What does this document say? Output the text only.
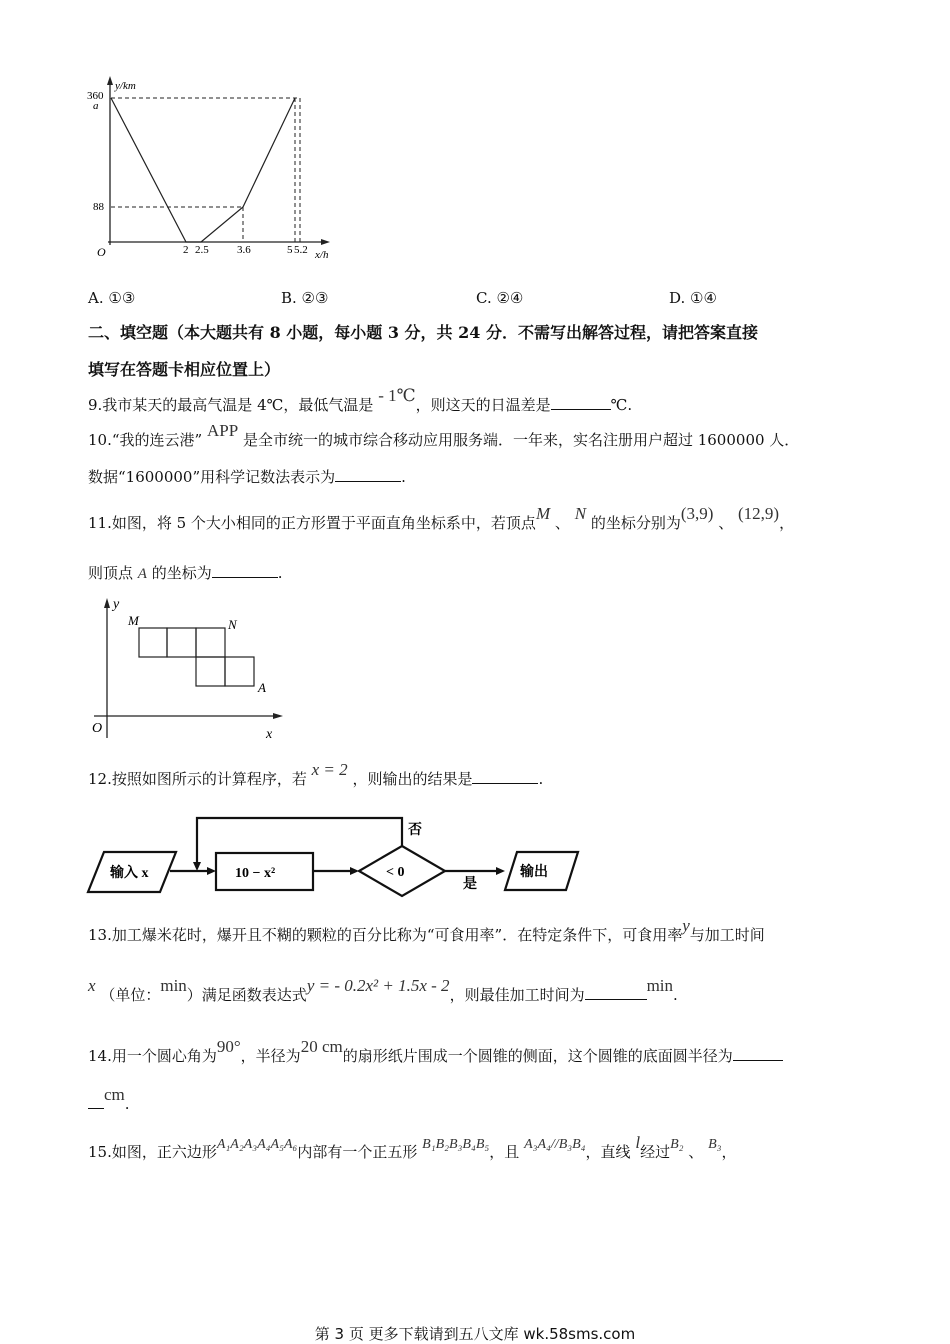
y/km
360
a
88
O	2 2.5	3.6	5 5.2 x/h
A. ①③	B. ②③	C. ②④	D. ①④
二、填空题（本大题共有 8 小题，每小题 3 分，共 24 分．不需写出解答过程，请把答案直接
填写在答题卡相应位置上）
9.我市某天的最高气温是 4℃，最低气温是 - 1℃，则这天的日温差是	℃.
10.“我的连云港” APP 是全市统一的城市综合移动应用服务端．一年来，实名注册用户超过 1600000 人．
数据“1600000”用科学记数法表示为	.
11.如图，将 5 个大小相同的正方形置于平面直角坐标系中，若顶点M 、 N 的坐标分别为(3,9) 、 (12,9)，
则顶点 A 的坐标为	.
y
M	N
A
O	x
12.按照如图所示的计算程序，若 x = 2 ，则输出的结果是	.
输入 x	10 − x²	< 0
否
是
输出
13.加工爆米花时，爆开且不糊的颗粒的百分比称为“可食用率”．在特定条件下，可食用率y与加工时间
x （单位：min）满足函数表达式y = - 0.2x² + 1.5x - 2，则最佳加工时间为	min.
14.用一个圆心角为90°，半径为20 cm的扇形纸片围成一个圆锥的侧面，这个圆锥的底面圆半径为
cm.
15.如图，正六边形A₁A₂A₃A₄A₅A₆内部有一个正五形 B₁B₂B₃B₄B₅，且 A₃A₄//B₃B₄，直线 l经过B₂ 、 B₃，
第 3 页 更多下载请到五八文库 wk.58sms.com
